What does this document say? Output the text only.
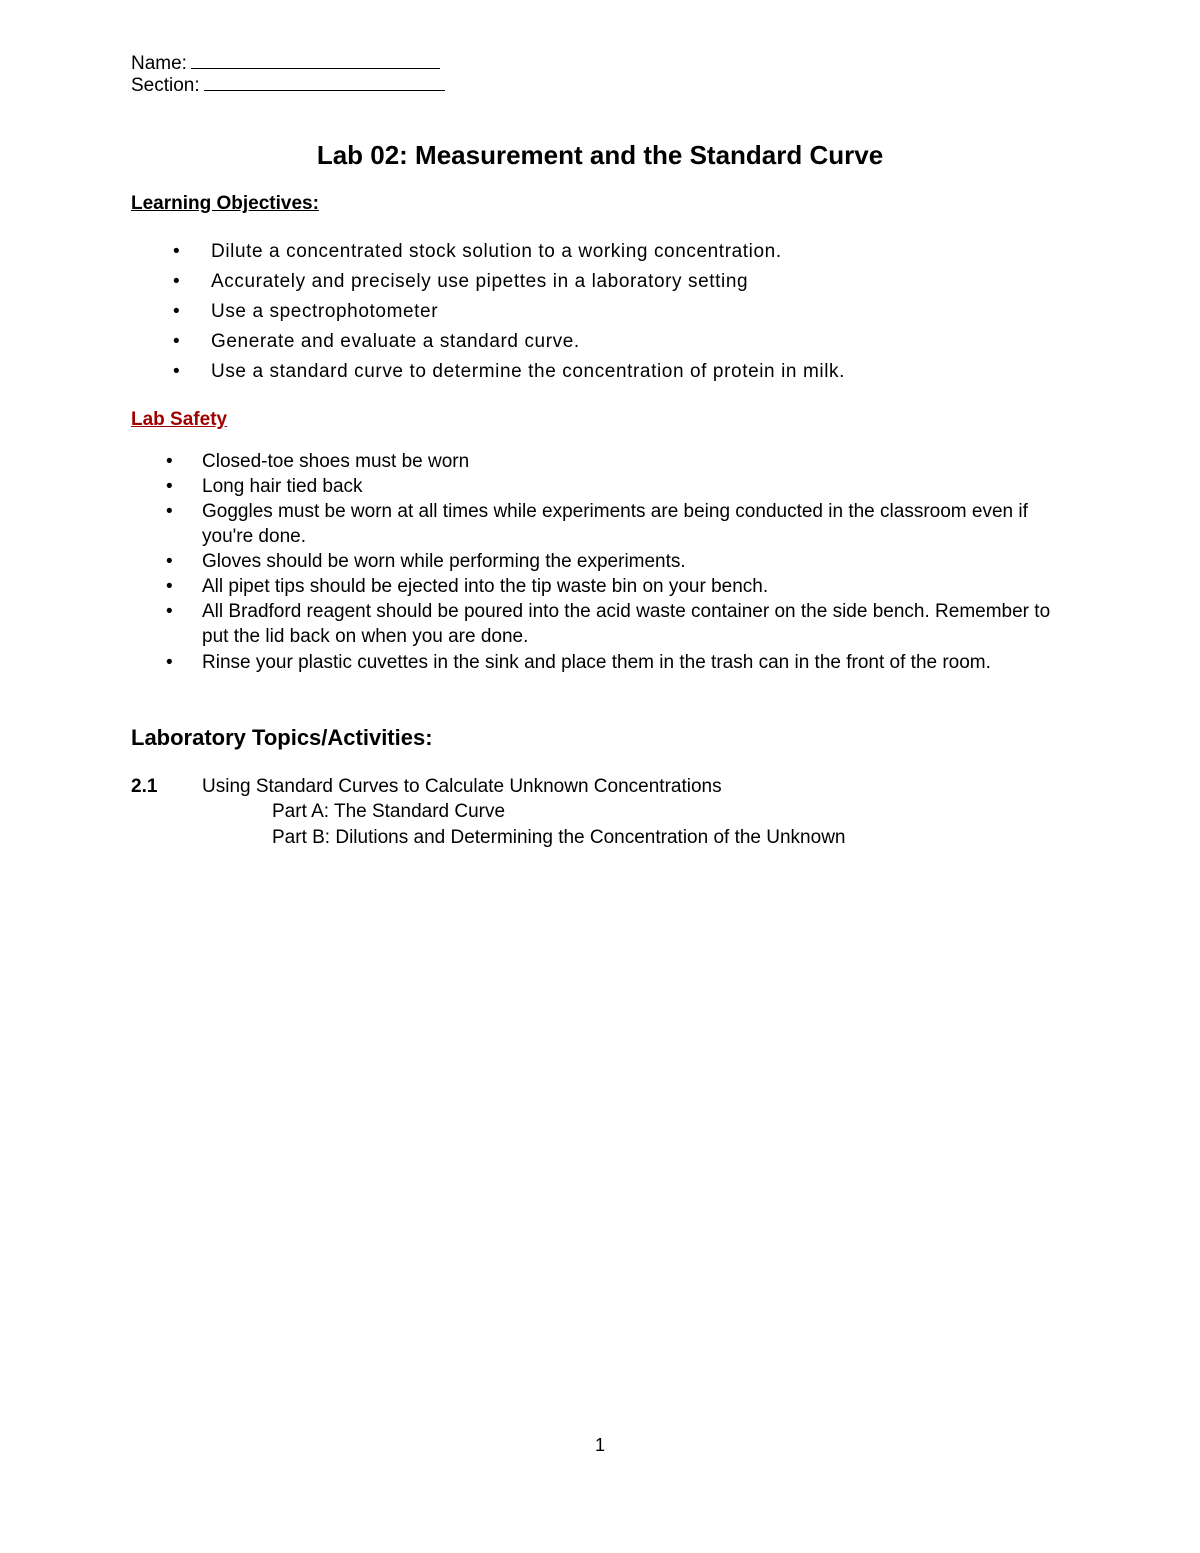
Name:
Section:
Lab 02: Measurement and the Standard Curve
Learning Objectives:
• Dilute a concentrated stock solution to a working concentration.
• Accurately and precisely use pipettes in a laboratory setting
• Use a spectrophotometer
• Generate and evaluate a standard curve.
• Use a standard curve to determine the concentration of protein in milk.
Lab Safety
• Closed-toe shoes must be worn
• Long hair tied back
• Goggles must be worn at all times while experiments are being conducted in the classroom even if you're done.
• Gloves should be worn while performing the experiments.
• All pipet tips should be ejected into the tip waste bin on your bench.
• All Bradford reagent should be poured into the acid waste container on the side bench. Remember to put the lid back on when you are done.
• Rinse your plastic cuvettes in the sink and place them in the trash can in the front of the room.
Laboratory Topics/Activities:
2.1 Using Standard Curves to Calculate Unknown Concentrations
Part A: The Standard Curve
Part B: Dilutions and Determining the Concentration of the Unknown
1
